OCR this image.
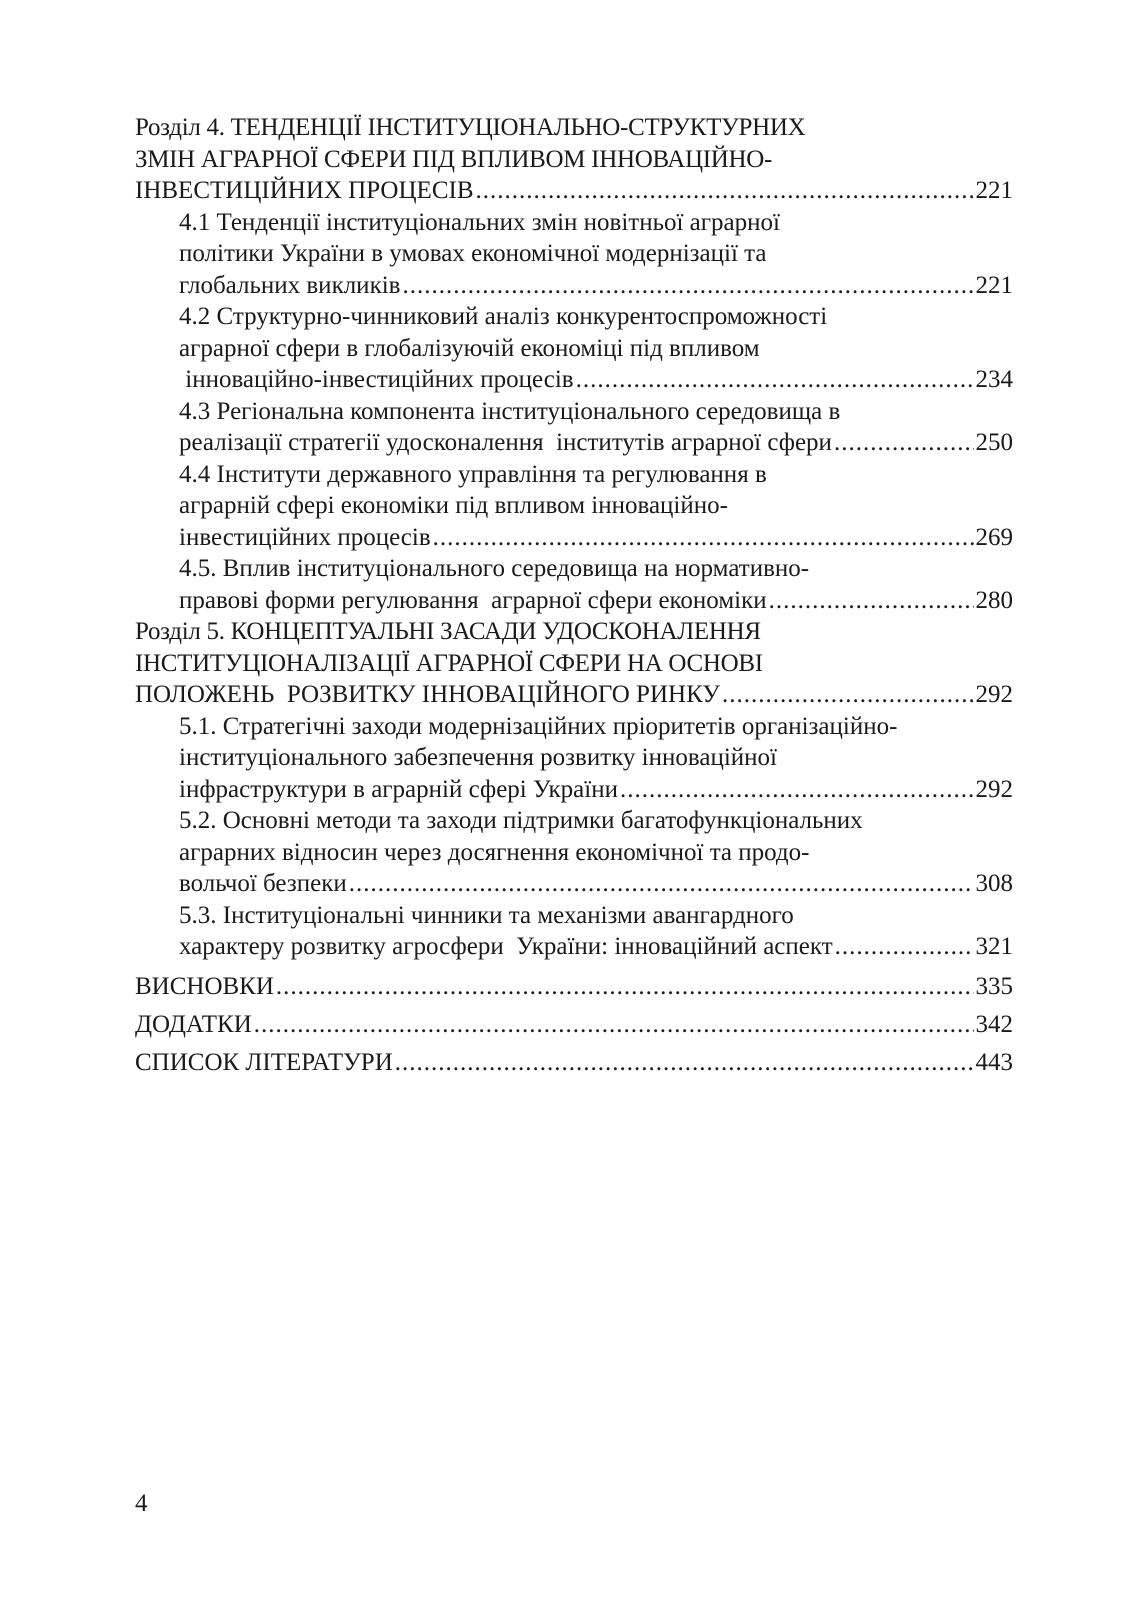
Розділ 4. ТЕНДЕНЦІЇ ІНСТИТУЦІОНАЛЬНО-СТРУКТУРНИХ
ЗМІН АГРАРНОЇ СФЕРИ ПІД ВПЛИВОМ ІННОВАЦІЙНО-
ІНВЕСТИЦІЙНИХ ПРОЦЕСІВ .....	221
4.1 Тенденції інституціональних змін новітньої аграрної
політики України в умовах економічної модернізації та
глобальних викликів .....	221
4.2 Структурно-чинниковий аналіз конкурентоспроможності
аграрної сфери в глобалізуючій економіці під впливом
інноваційно-інвестиційних процесів .....	234
4.3 Регіональна компонента інституціонального середовища в
реалізації стратегії удосконалення  інститутів аграрної сфери .....	250
4.4 Інститути державного управління та регулювання в
аграрній сфері економіки під впливом інноваційно-
інвестиційних процесів .....	269
4.5. Вплив інституціонального середовища на нормативно-
правові форми регулювання  аграрної сфери економіки .....	280
Розділ 5. КОНЦЕПТУАЛЬНІ ЗАСАДИ УДОСКОНАЛЕННЯ
ІНСТИТУЦІОНАЛІЗАЦІЇ АГРАРНОЇ СФЕРИ НА ОСНОВІ
ПОЛОЖЕНЬ  РОЗВИТКУ ІННОВАЦІЙНОГО РИНКУ .....	292
5.1. Стратегічні заходи модернізаційних пріоритетів організаційно-
інституціонального забезпечення розвитку інноваційної
інфраструктури в аграрній сфері України .....	292
5.2. Основні методи та заходи підтримки багатофункціональних
аграрних відносин через досягнення економічної та продо-
вольчої безпеки .....	308
5.3. Інституціональні чинники та механізми авангардного
характеру розвитку агросфери  України: інноваційний аспект .....	321
ВИСНОВКИ .....	335
ДОДАТКИ .....	342
СПИСОК ЛІТЕРАТУРИ .....	443
4
